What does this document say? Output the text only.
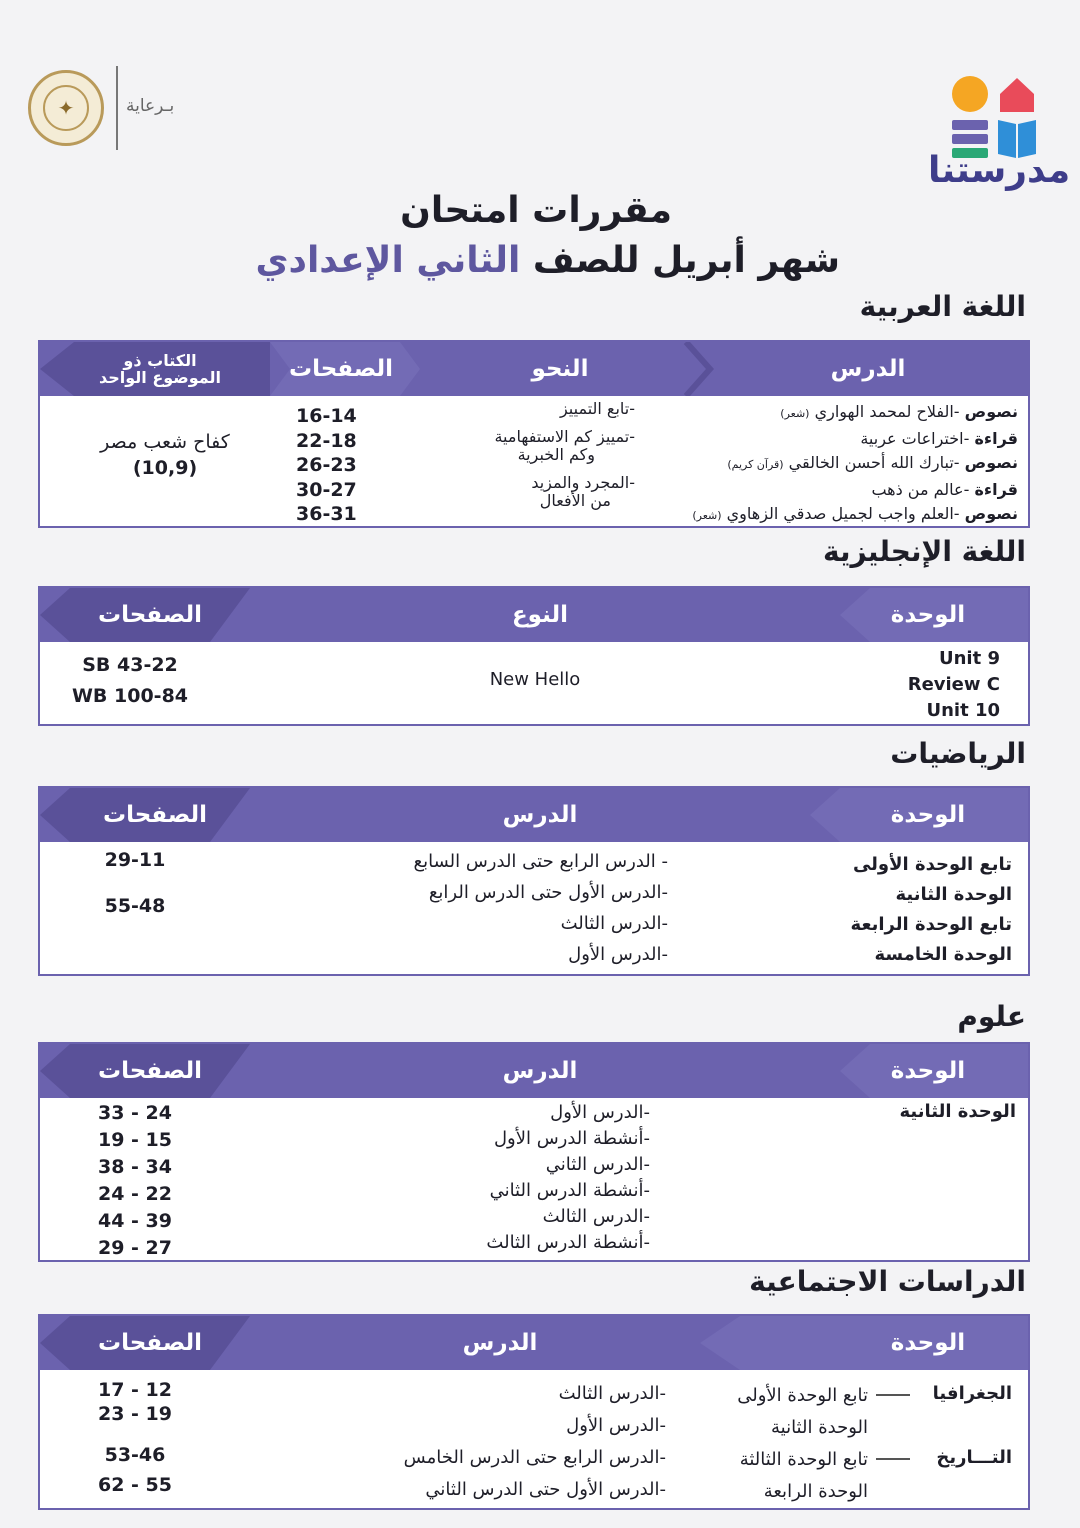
✦	بـرعاية
مدرستنا
مقررات امتحان
شهر أبريل للصف الثاني الإعدادي
اللغة العربية
الدرس
النحو
الصفحات
الكتاب ذو
الموضوع الواحد
نصوص -الفلاح لمحمد الهواري (شعر)
قراءة -اختراعات عربية
نصوص -تبارك الله أحسن الخالقي (قرآن كريم)
قراءة -عالم من ذهب
نصوص -العلم واجب لجميل صدقي الزهاوي (شعر)
-تابع التمييز
-تمييز كم الاستفهامية
وكم الخبرية
-المجرد والمزيد
من الأفعال
16-14
22-18
26-23
30-27
36-31
كفاح شعب مصر
(10,9)
اللغة الإنجليزية
الوحدة
النوع
الصفحات
Unit 9
Review C
Unit 10
New Hello
SB 43-22
WB 100-84
الرياضيات
الوحدة
الدرس
الصفحات
تابع الوحدة الأولى
الوحدة الثانية
تابع الوحدة الرابعة
الوحدة الخامسة
- الدرس الرابع حتى الدرس السابع
-الدرس الأول حتى الدرس الرابع
-الدرس الثالث
-الدرس الأول
29-11
55-48
علوم
الوحدة
الدرس
الصفحات
الوحدة الثانية
-الدرس الأول
-أنشطة الدرس الأول
-الدرس الثاني
-أنشطة الدرس الثاني
-الدرس الثالث
-أنشطة الدرس الثالث
33 - 24
19 - 15
38 - 34
24 - 22
44 - 39
29 - 27
الدراسات الاجتماعية
الوحدة
الدرس
الصفحات
الجغرافيا
التـــاريخ
تابع الوحدة الأولى
الوحدة الثانية
تابع الوحدة الثالثة
الوحدة الرابعة
-الدرس الثالث
-الدرس الأول
-الدرس الرابع حتى الدرس الخامس
-الدرس الأول حتى الدرس الثاني
17 - 12
23 - 19
53-46
62 - 55
